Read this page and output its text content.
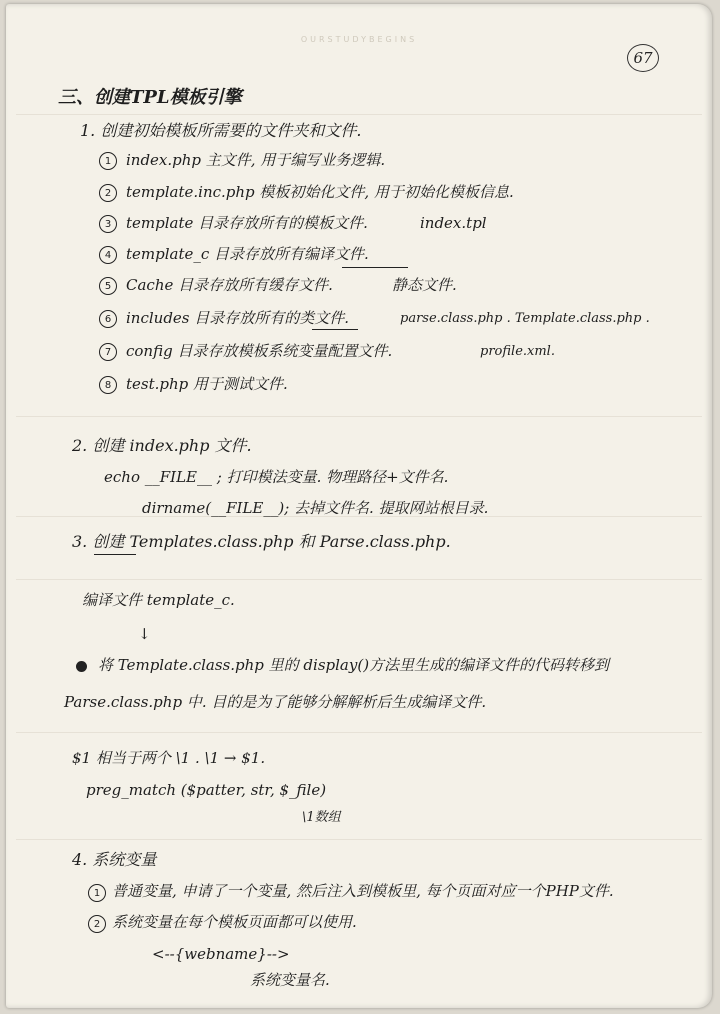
OURSTUDYBEGINS
67
三、创建TPL模板引擎
1. 创建初始模板所需要的文件夹和文件.
1 index.php 主文件, 用于编写业务逻辑.
2 template.inc.php 模板初始化文件, 用于初始化模板信息.
3 template 目录存放所有的模板文件.	index.tpl
4 template_c 目录存放所有编译文件.
5 Cache 目录存放所有缓存文件.	静态文件.
6 includes 目录存放所有的类文件.	parse.class.php . Template.class.php .
7 config 目录存放模板系统变量配置文件.	profile.xml.
8 test.php 用于测试文件.
2. 创建 index.php 文件.
echo __FILE__ ; 打印模法变量. 物理路径+文件名.
dirname(__FILE__); 去掉文件名. 提取网站根目录.
3. 创建 Templates.class.php 和 Parse.class.php.
编译文件 template_c.
↓
将 Template.class.php 里的 display()方法里生成的编译文件的代码转移到
Parse.class.php 中. 目的是为了能够分解解析后生成编译文件.
$1 相当于两个 \1 . \1 → $1.
preg_match ($patter, str, $_file)
\1数组
4. 系统变量
1 普通变量, 申请了一个变量, 然后注入到模板里, 每个页面对应一个PHP文件.
2 系统变量在每个模板页面都可以使用.
<--{webname}-->
系统变量名.
